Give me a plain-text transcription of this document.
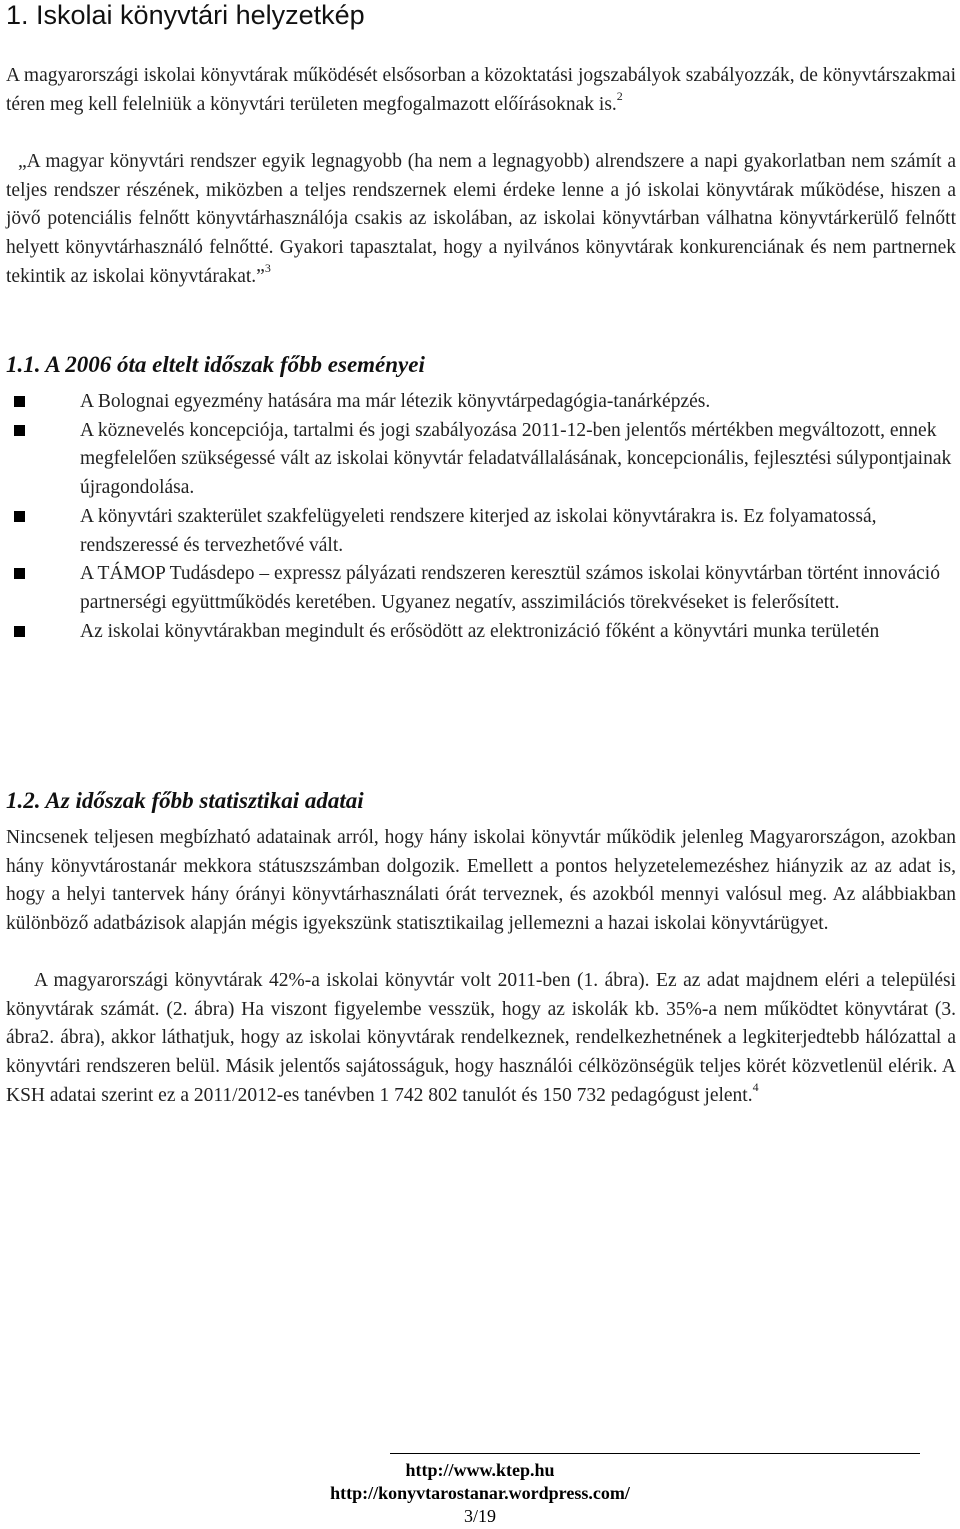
1. Iskolai könyvtári helyzetkép

A magyarországi iskolai könyvtárak működését elsősorban a közoktatási jogszabályok szabályozzák, de könyvtárszakmai téren meg kell felelniük a könyvtári területen megfogalmazott előírásoknak is.$^2$

„A magyar könyvtári rendszer egyik legnagyobb (ha nem a legnagyobb) alrendszere a napi gyakorlatban nem számít a teljes rendszer részének, miközben a teljes rendszernek elemi érdeke lenne a jó iskolai könyvtárak működése, hiszen a jövő potenciális felnőtt könyvtárhasználója csakis az iskolában, az iskolai könyvtárban válhatna könyvtárkerülő felnőtt helyett könyvtárhasználó felnőtté. Gyakori tapasztalat, hogy a nyilvános könyvtárak konkurenciának és nem partnernek tekintik az iskolai könyvtárakat.”$^3$

1.1. A 2006 óta eltelt időszak főbb eseményei
A Bolognai egyezmény hatására ma már létezik könyvtárpedagógia-tanárképzés.
A köznevelés koncepciója, tartalmi és jogi szabályozása 2011-12-ben jelentős mértékben megváltozott, ennek megfelelően szükségessé vált az iskolai könyvtár feladatvállalásának, koncepcionális, fejlesztési súlypontjainak újragondolása.
A könyvtári szakterület szakfelügyeleti rendszere kiterjed az iskolai könyvtárakra is. Ez folyamatossá, rendszeressé és tervezhetővé vált.
A TÁMOP Tudásdepo – expressz pályázati rendszeren keresztül számos iskolai könyvtárban történt innováció partnerségi együttműködés keretében. Ugyanez negatív, asszimilációs törekvéseket is felerősített.
Az iskolai könyvtárakban megindult és erősödött az elektronizáció főként a könyvtári munka területén
1.2. Az időszak főbb statisztikai adatai

Nincsenek teljesen megbízható adatainak arról, hogy hány iskolai könyvtár működik jelenleg Magyarországon, azokban hány könyvtárostanár mekkora státuszszámban dolgozik. Emellett a pontos helyzetelemezéshez hiányzik az az adat is, hogy a helyi tantervek hány órányi könyvtárhasználati órát terveznek, és azokból mennyi valósul meg. Az alábbiakban különböző adatbázisok alapján mégis igyekszünk statisztikailag jellemezni a hazai iskolai könyvtárügyet.

A magyarországi könyvtárak 42%-a iskolai könyvtár volt 2011-ben (1. ábra). Ez az adat majdnem eléri a települési könyvtárak számát. (2. ábra) Ha viszont figyelembe vesszük, hogy az iskolák kb. 35%-a nem működtet könyvtárat (3. ábra2. ábra), akkor láthatjuk, hogy az iskolai könyvtárak rendelkeznek, rendelkezhetnének a legkiterjedtebb hálózattal a könyvtári rendszeren belül. Másik jelentős sajátosságuk, hogy használói célközönségük teljes körét közvetlenül elérik. A KSH adatai szerint ez a 2011/2012-es tanévben 1 742 802 tanulót és 150 732 pedagógust jelent.$^4$

http://www.ktep.hu
http://konyvtarostanar.wordpress.com/
3/19
